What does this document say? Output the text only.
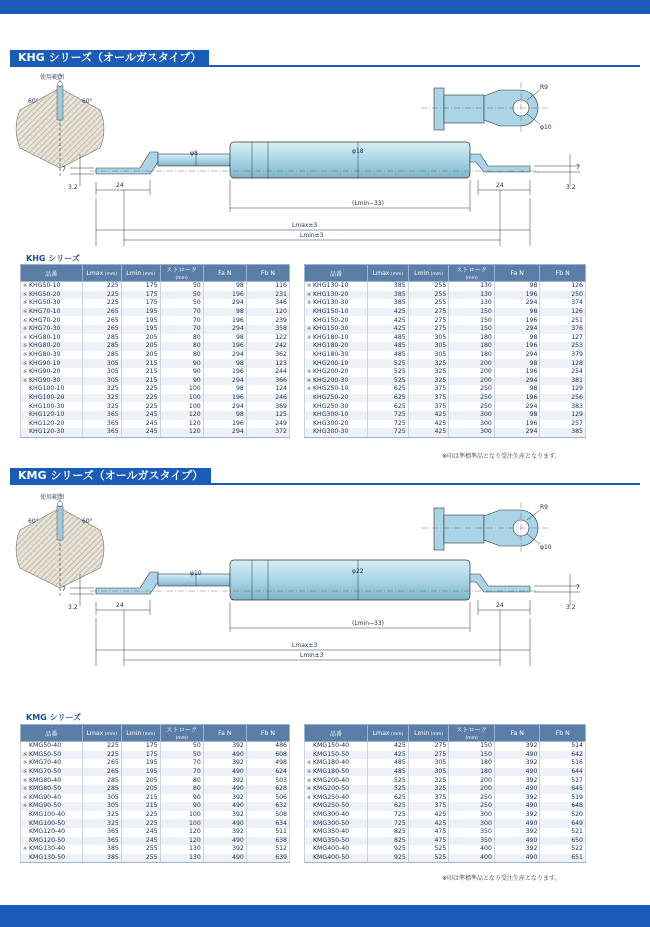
KHG シリーズ（オールガスタイプ）
使用範囲
60°	60°
φ8	φ18
24	24
7
3.2
7
3.2
(Lmin−33)
Lmax±3
Lmin±3
R9
φ10
KHG シリーズ
品番	Lmax (mm)	Lmin (mm)	ストローク (mm)	Fa N	Fb N
※ KHG50-10	225	175	50	98	116
※ KHG50-20	225	175	50	196	231
※ KHG50-30	225	175	50	294	346
※ KHG70-10	265	195	70	98	120
※ KHG70-20	265	195	70	196	239
※ KHG70-30	265	195	70	294	358
※ KHG80-10	285	205	80	98	122
※ KHG80-20	285	205	80	196	242
※ KHG80-30	285	205	80	294	362
※ KHG90-10	305	215	90	98	123
※ KHG90-20	305	215	90	196	244
※ KHG90-30	305	215	90	294	366
KHG100-10	325	225	100	98	124
KHG100-20	325	225	100	196	246
KHG100-30	325	225	100	294	369
KHG120-10	365	245	120	98	125
KHG120-20	365	245	120	196	249
KHG120-30	365	245	120	294	372
品番	Lmax (mm)	Lmin (mm)	ストローク (mm)	Fa N	Fb N
※ KHG130-10	385	255	130	98	126
※ KHG130-20	385	255	130	196	250
※ KHG130-30	385	255	130	294	374
KHG150-10	425	275	150	98	126
KHG150-20	425	275	150	196	251
※ KHG150-30	425	275	150	294	376
※ KHG180-10	485	305	180	98	127
KHG180-20	485	305	180	196	253
KHG180-30	485	305	180	294	379
KHG200-10	525	325	200	98	128
※ KHG200-20	525	325	200	196	254
※ KHG200-30	525	325	200	294	381
※ KHG250-10	625	375	250	98	129
KHG250-20	625	375	250	196	256
KHG250-30	625	375	250	294	383
KHG300-10	725	425	300	98	129
KHG300-20	725	425	300	196	257
KHG300-30	725	425	300	294	385
※印は準標準品となり受注生産となります。
KMG シリーズ（オールガスタイプ）
使用範囲
60°	60°
φ10	φ22
24	24
7
3.2
7
3.2
(Lmin−33)
Lmax±3
Lmin±3
R9
φ10
KMG シリーズ
品番	Lmax (mm)	Lmin (mm)	ストローク (mm)	Fa N	Fb N
KMG50-40	225	175	50	392	486
※ KMG50-50	225	175	50	490	608
※ KMG70-40	265	195	70	392	498
※ KMG70-50	265	195	70	490	624
※ KMG80-40	285	205	80	392	503
※ KMG80-50	285	205	80	490	628
※ KMG90-40	305	215	90	392	506
※ KMG90-50	305	215	90	490	632
KMG100-40	325	225	100	392	508
KMG100-50	325	225	100	490	634
KMG120-40	365	245	120	392	511
KMG120-50	365	245	120	490	638
※ KMG130-40	385	255	130	392	512
KMG130-50	385	255	130	490	639
品番	Lmax (mm)	Lmin (mm)	ストローク (mm)	Fa N	Fb N
KMG150-40	425	275	150	392	514
KMG150-50	425	275	150	490	642
※ KMG180-40	485	305	180	392	516
※ KMG180-50	485	305	180	490	644
※ KMG200-40	525	325	200	392	517
※ KMG200-50	525	325	200	490	645
※ KMG250-40	625	375	250	392	519
KMG250-50	625	375	250	490	648
KMG300-40	725	425	300	392	520
KMG300-50	725	425	300	490	649
KMG350-40	825	475	350	392	521
KMG350-50	825	475	350	490	650
KMG400-40	925	525	400	392	522
KMG400-50	925	525	400	490	651
※印は準標準品となり受注生産となります。
